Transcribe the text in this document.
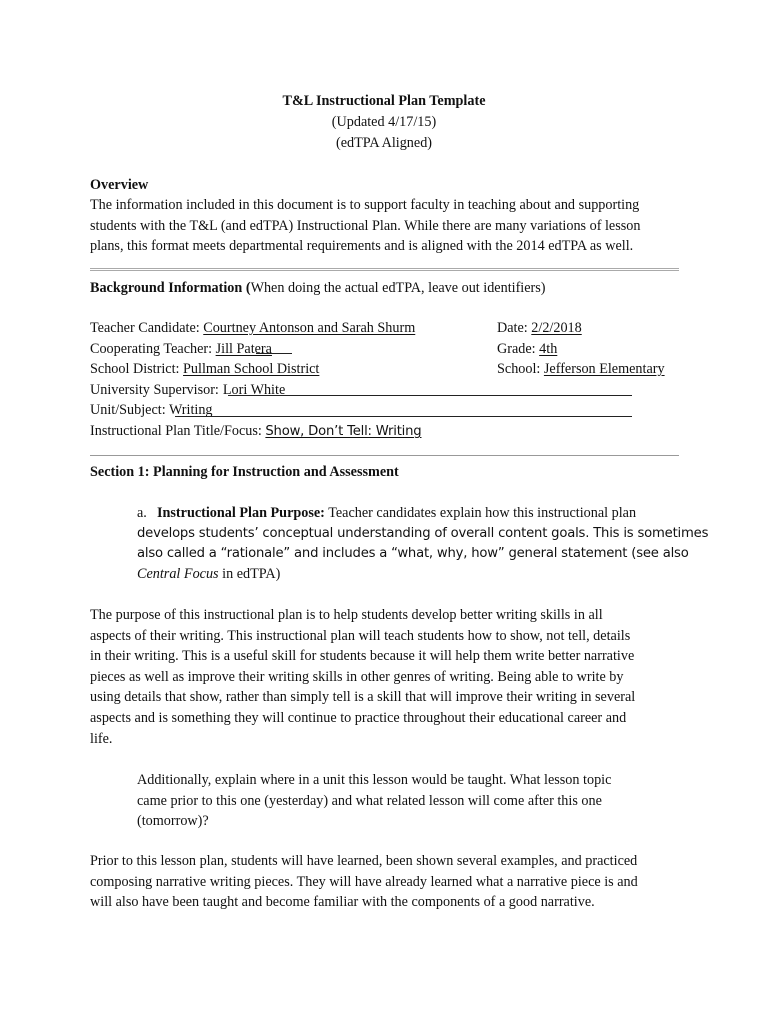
T&L Instructional Plan Template
(Updated 4/17/15)
(edTPA Aligned)
Overview
The information included in this document is to support faculty in teaching about and supporting
students with the T&L (and edTPA) Instructional Plan. While there are many variations of lesson
plans, this format meets departmental requirements and is aligned with the 2014 edTPA as well.
Background Information (When doing the actual edTPA, leave out identifiers)
Teacher Candidate: Courtney Antonson and Sarah Shurm	Date: 2/2/2018
Cooperating Teacher: Jill Patera	Grade: 4th
School District: Pullman School District	School: Jefferson Elementary
University Supervisor: Lori White
Unit/Subject: Writing
Instructional Plan Title/Focus: Show, Don’t Tell: Writing
Section 1: Planning for Instruction and Assessment
a. Instructional Plan Purpose: Teacher candidates explain how this instructional plan
develops students’ conceptual understanding of overall content goals. This is sometimes
also called a “rationale” and includes a “what, why, how” general statement (see also
Central Focus in edTPA)
The purpose of this instructional plan is to help students develop better writing skills in all
aspects of their writing. This instructional plan will teach students how to show, not tell, details
in their writing. This is a useful skill for students because it will help them write better narrative
pieces as well as improve their writing skills in other genres of writing. Being able to write by
using details that show, rather than simply tell is a skill that will improve their writing in several
aspects and is something they will continue to practice throughout their educational career and
life.
Additionally, explain where in a unit this lesson would be taught. What lesson topic
came prior to this one (yesterday) and what related lesson will come after this one
(tomorrow)?
Prior to this lesson plan, students will have learned, been shown several examples, and practiced
composing narrative writing pieces. They will have already learned what a narrative piece is and
will also have been taught and become familiar with the components of a good narrative.
